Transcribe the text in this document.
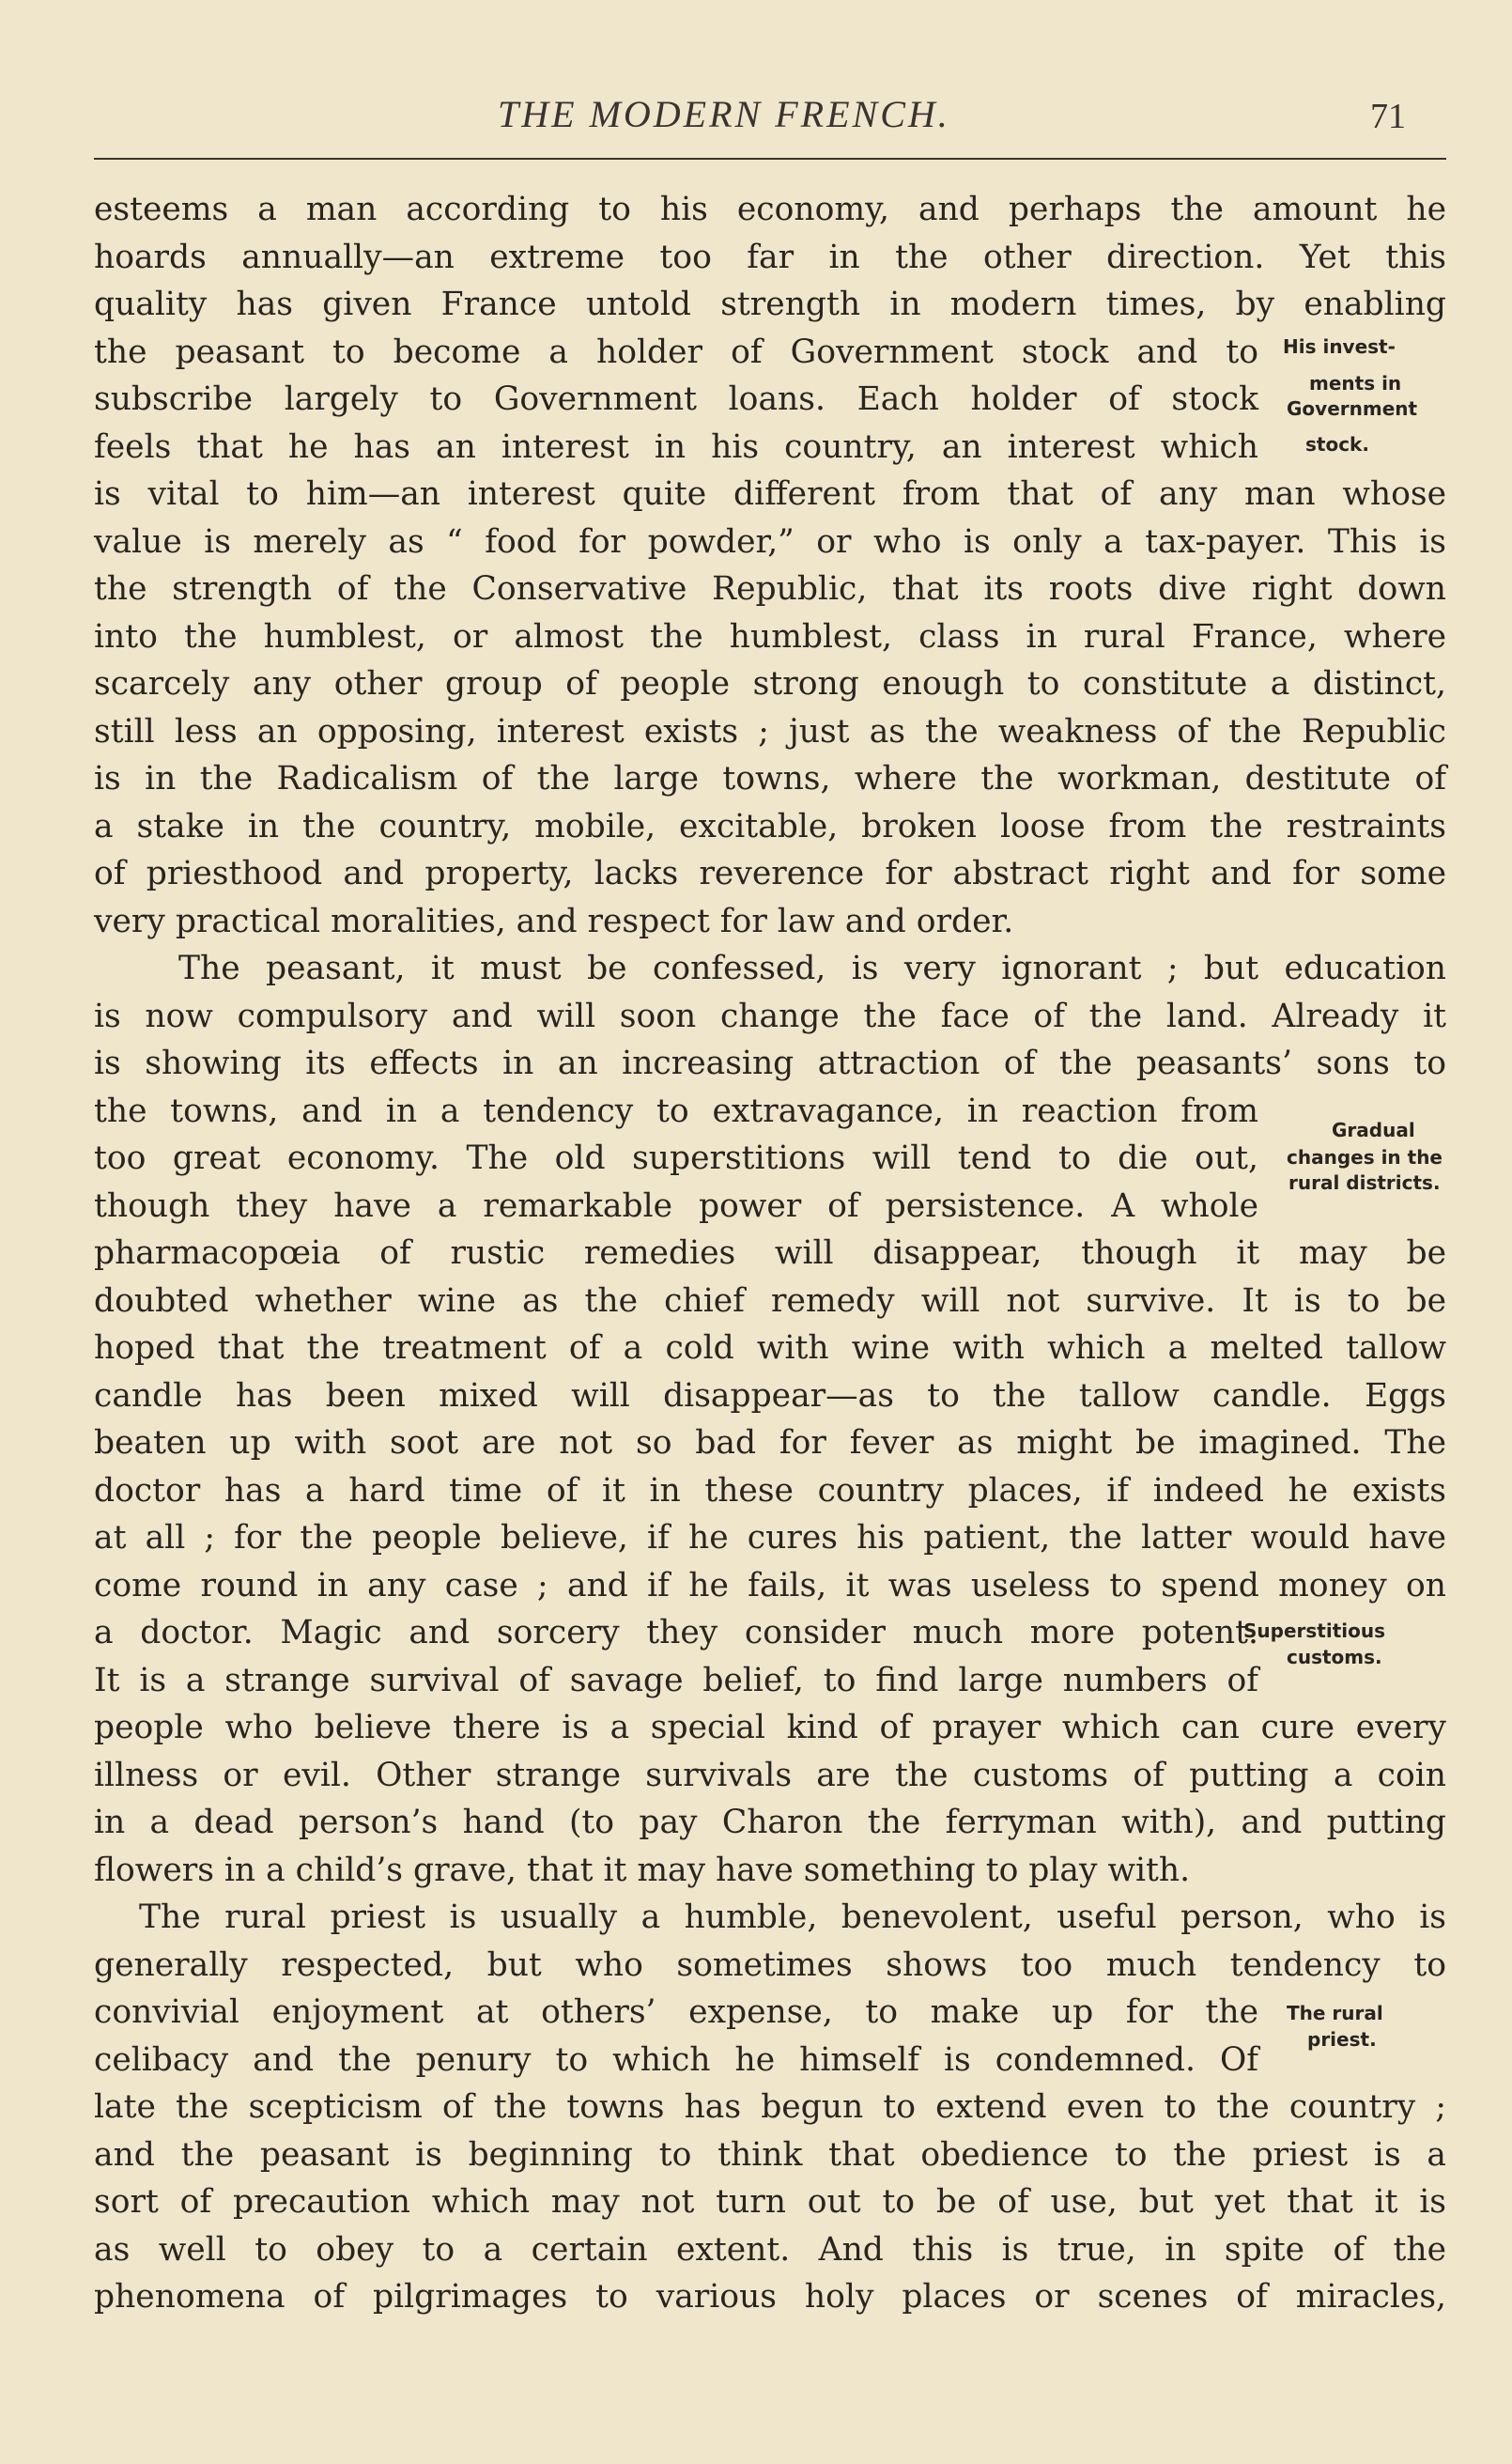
THE MODERN FRENCH.	71
esteems a man according to his economy, and perhaps the amount he
hoards annually—an extreme too far in the other direction. Yet this
quality has given France untold strength in modern times, by enabling
the peasant to become a holder of Government stock and to
subscribe largely to Government loans. Each holder of stock
feels that he has an interest in his country, an interest which
is vital to him—an interest quite different from that of any man whose
value is merely as “ food for powder,” or who is only a tax-payer. This is
the strength of the Conservative Republic, that its roots dive right down
into the humblest, or almost the humblest, class in rural France, where
scarcely any other group of people strong enough to constitute a distinct,
still less an opposing, interest exists ; just as the weakness of the Republic
is in the Radicalism of the large towns, where the workman, destitute of
a stake in the country, mobile, excitable, broken loose from the restraints
of priesthood and property, lacks reverence for abstract right and for some
very practical moralities, and respect for law and order.
The peasant, it must be confessed, is very ignorant ; but education
is now compulsory and will soon change the face of the land. Already it
is showing its effects in an increasing attraction of the peasants’ sons to
the towns, and in a tendency to extravagance, in reaction from
too great economy. The old superstitions will tend to die out,
though they have a remarkable power of persistence. A whole
pharmacopœia of rustic remedies will disappear, though it may be
doubted whether wine as the chief remedy will not survive. It is to be
hoped that the treatment of a cold with wine with which a melted tallow
candle has been mixed will disappear—as to the tallow candle. Eggs
beaten up with soot are not so bad for fever as might be imagined. The
doctor has a hard time of it in these country places, if indeed he exists
at all ; for the people believe, if he cures his patient, the latter would have
come round in any case ; and if he fails, it was useless to spend money on
a doctor. Magic and sorcery they consider much more potent.
It is a strange survival of savage belief, to find large numbers of
people who believe there is a special kind of prayer which can cure every
illness or evil. Other strange survivals are the customs of putting a coin
in a dead person’s hand (to pay Charon the ferryman with), and putting
flowers in a child’s grave, that it may have something to play with.
The rural priest is usually a humble, benevolent, useful person, who is
generally respected, but who sometimes shows too much tendency to
convivial enjoyment at others’ expense, to make up for the
celibacy and the penury to which he himself is condemned. Of
late the scepticism of the towns has begun to extend even to the country ;
and the peasant is beginning to think that obedience to the priest is a
sort of precaution which may not turn out to be of use, but yet that it is
as well to obey to a certain extent. And this is true, in spite of the
phenomena of pilgrimages to various holy places or scenes of miracles,
His invest-
ments in
Government
stock.
Gradual
changes in the
rural districts.
Superstitious
customs.
The rural
priest.
